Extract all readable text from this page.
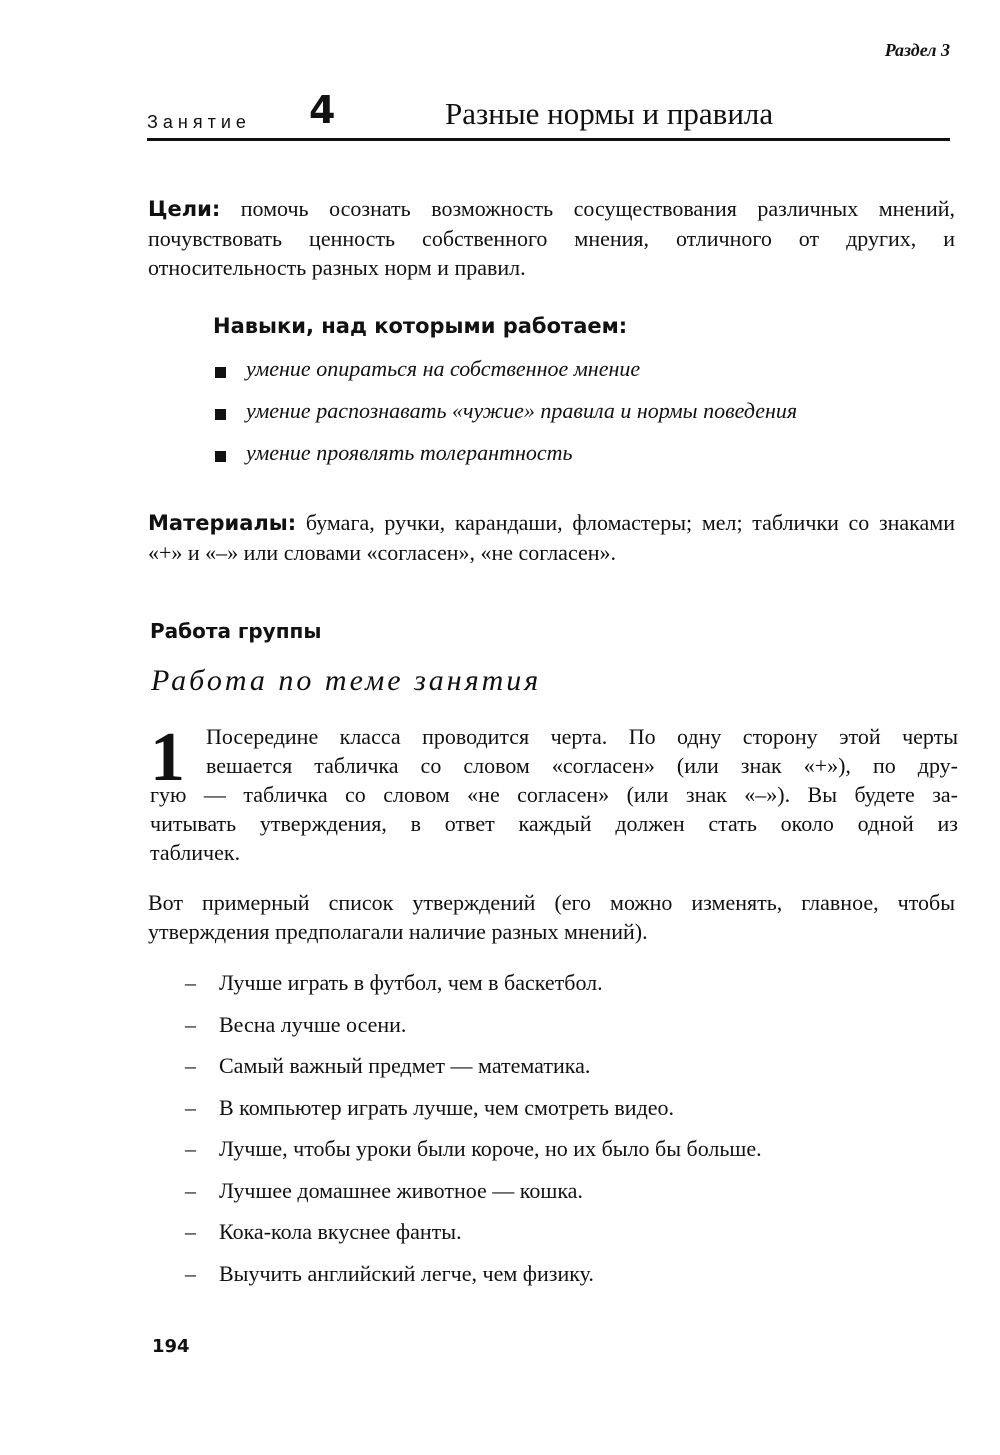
Раздел 3
Занятие 4	Разные нормы и правила
Цели: помочь осознать возможность сосуществования различных мнений, почувствовать ценность собственного мнения, отличного от других, и относительность разных норм и правил.
Навыки, над которыми работаем:
умение опираться на собственное мнение
умение распознавать «чужие» правила и нормы поведения
умение проявлять толерантность
Материалы: бумага, ручки, карандаши, фломастеры; мел; таблички со знаками «+» и «–» или словами «согласен», «не согласен».
Работа группы
Работа по теме занятия
1 Посередине класса проводится черта. По одну сторону этой черты
вешается табличка со словом «согласен» (или знак «+»), по дру-
гую — табличка со словом «не согласен» (или знак «–»). Вы будете за-
читывать утверждения, в ответ каждый должен стать около одной из
табличек.
Вот примерный список утверждений (его можно изменять, главное, чтобы утверждения предполагали наличие разных мнений).
– Лучше играть в футбол, чем в баскетбол.
– Весна лучше осени.
– Самый важный предмет — математика.
– В компьютер играть лучше, чем смотреть видео.
– Лучше, чтобы уроки были короче, но их было бы больше.
– Лучшее домашнее животное — кошка.
– Кока-кола вкуснее фанты.
– Выучить английский легче, чем физику.
194
